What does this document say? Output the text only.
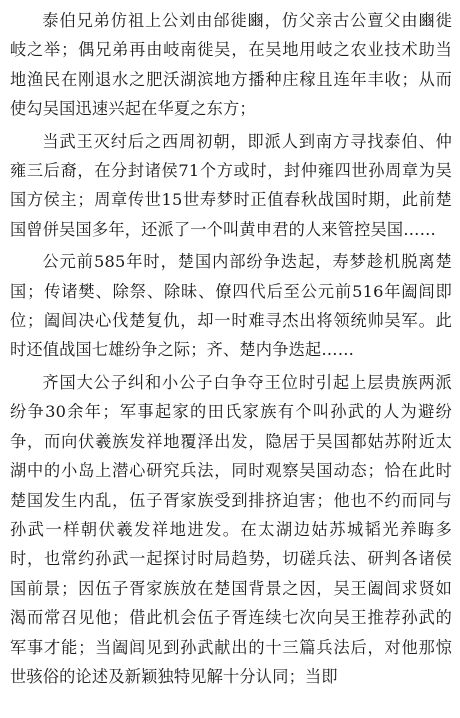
泰伯兄弟仿祖上公刘由邰徙豳，仿父亲古公亶父由豳徙岐之举；偶兄弟再由岐南徙吴，在吴地用岐之农业技术助当地渔民在刚退水之肥沃湖滨地方播种庄稼且连年丰收；从而使勾吴国迅速兴起在华夏之东方；

当武王灭纣后之西周初朝，即派人到南方寻找泰伯、仲雍三后裔，在分封诸侯71个方或时，封仲雍四世孙周章为吴国方侯主；周章传世15世寿梦时正值春秋战国时期，此前楚国曾併吴国多年，还派了一个叫黄申君的人来管控吴国……

公元前585年时，楚国内部纷争迭起，寿梦趁机脱离楚国；传诸樊、除祭、除昧、僚四代后至公元前516年阖闾即位；阖闾决心伐楚复仇，却一时难寻杰出将领统帅吴军。此时还值战国七雄纷争之际；齐、楚内争迭起……

齐国大公子纠和小公子白争夺王位时引起上层贵族两派纷争30余年；军事起家的田氏家族有个叫孙武的人为避纷争，而向伏羲族发祥地覆泽出发，隐居于吴国都姑苏附近太湖中的小岛上潜心研究兵法，同时观察吴国动态；恰在此时楚国发生内乱，伍子胥家族受到排挤迫害；他也不约而同与孙武一样朝伏羲发祥地进发。在太湖边姑苏城韬光养晦多时，也常约孙武一起探讨时局趋势，切磋兵法、研判各诸侯国前景；因伍子胥家族放在楚国背景之因，吴王阖闾求贤如渴而常召见他；借此机会伍子胥连续七次向吴王推荐孙武的军事才能；当阖闾见到孙武献出的十三篇兵法后，对他那惊世骇俗的论述及新颖独特见解十分认同；当即
